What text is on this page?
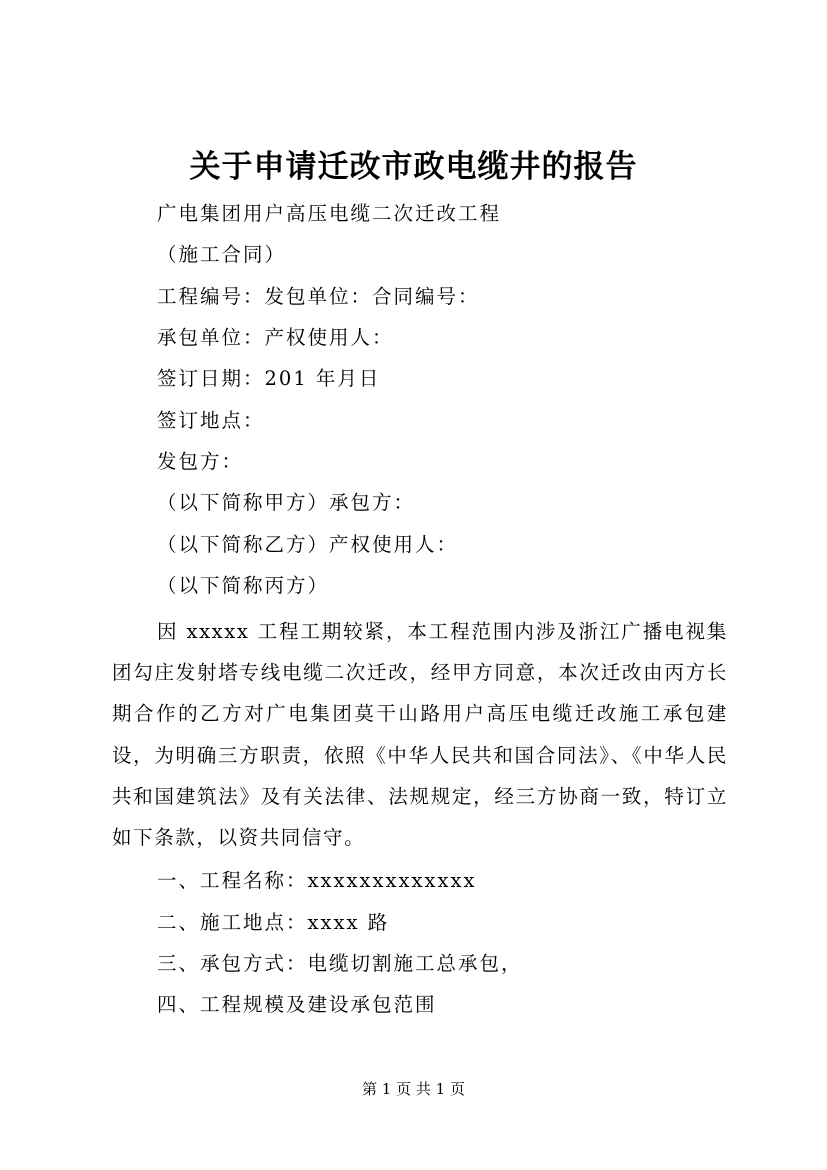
关于申请迁改市政电缆井的报告
广电集团用户高压电缆二次迁改工程
（施工合同）
工程编号：发包单位：合同编号：
承包单位：产权使用人：
签订日期：201 年月日
签订地点：
发包方：
（以下简称甲方）承包方：
（以下简称乙方）产权使用人：
（以下简称丙方）
因 xxxxx 工程工期较紧，本工程范围内涉及浙江广播电视集团勾庄发射塔专线电缆二次迁改，经甲方同意，本次迁改由丙方长期合作的乙方对广电集团莫干山路用户高压电缆迁改施工承包建设，为明确三方职责，依照《中华人民共和国合同法》、《中华人民共和国建筑法》及有关法律、法规规定，经三方协商一致，特订立如下条款，以资共同信守。
一、工程名称：xxxxxxxxxxxxx
二、施工地点：xxxx 路
三、承包方式：电缆切割施工总承包，
四、工程规模及建设承包范围
第 1 页 共 1 页
